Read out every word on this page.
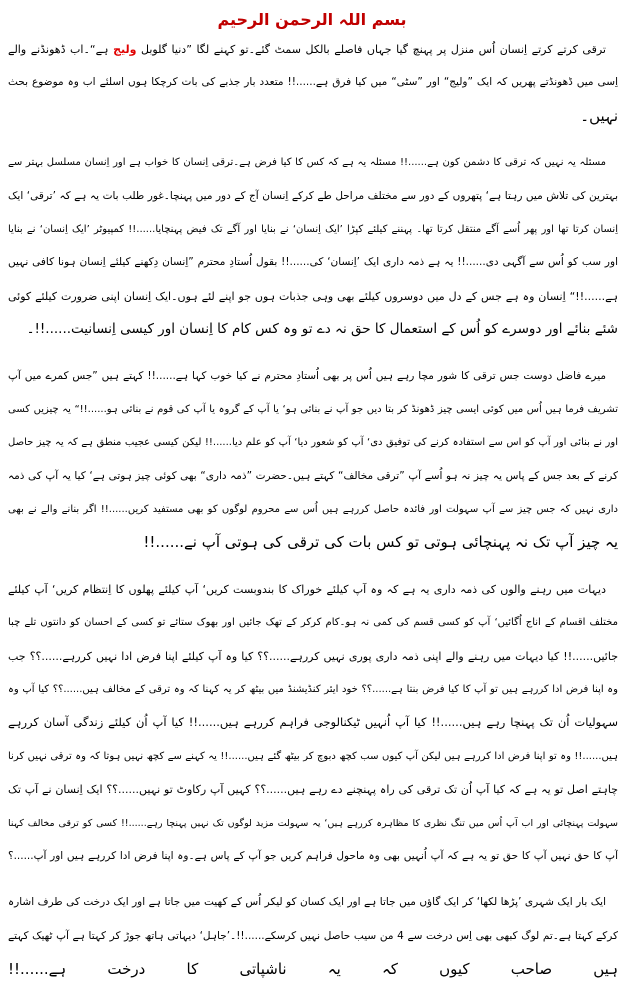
بسم اللہ الرحمن الرحیم
ترقی کرتے کرتے اِنسان اُس منزل پر پہنچ گیا جہاں فاصلے بالکل سمٹ گئے۔تو کہنے لگا ”دنیا گلوبل ولیج ہے“۔اب ڈھونڈنے والے
اِسی میں ڈھونڈتے پھریں کہ ایک ”ولیج“ اور ”سٹی“ میں کیا فرق ہے......!! متعدد بار جذبے کی بات کرچکا ہوں اسلئے اب وہ موضوع بحث
نہیں۔
مسئلہ یہ نہیں کہ ترقی کا دشمن کون ہے......!! مسئلہ یہ ہے کہ کس کا کیا فرض ہے۔ترقی اِنسان کا خواب ہے اور اِنسان مسلسل بہتر سے
بہترین کی تلاش میں رہتا ہے‘ پتھروں کے دور سے مختلف مراحل طے کرکے اِنسان آج کے دور میں پہنچا۔غور طلب بات یہ ہے کہ ’ترقی‘ ایک
اِنسان کرتا تھا اور پھر اُسے آگے منتقل کرتا تھا۔ پہننے کیلئے کپڑا ’ایک اِنسان‘ نے بنایا اور آگے تک فیض پہنچایا......!! کمپیوٹر ’ایک اِنسان‘ نے بنایا
اور سب کو اُس سے آگہی دی......!! یہ ہے ذمہ داری ایک ’اِنسان‘ کی......!! بقول اُستادِ محترم ”اِنسان دِکھنے کیلئے اِنسان ہونا کافی نہیں
ہے......!!“ اِنسان وہ ہے جس کے دل میں دوسروں کیلئے بھی وہی جذبات ہوں جو اپنے لئے ہوں۔ایک اِنسان اپنی ضرورت کیلئے کوئی
شئے بنائے اور دوسرے کو اُس کے استعمال کا حق نہ دے تو وہ کس کام کا اِنسان اور کیسی اِنسانیت......!!۔
میرے فاضل دوست جس ترقی کا شور مچا رہے ہیں اُس پر بھی اُستادِ محترم نے کیا خوب کہا ہے......!! کہتے ہیں ”جس کمرے میں آپ
تشریف فرما ہیں اُس میں کوئی ایسی چیز ڈھونڈ کر بتا دیں جو آپ نے بنائی ہو‘ یا آپ کے گروہ یا آپ کی قوم نے بنائی ہو......!!“ یہ چیزیں کسی
اور نے بنائی اور آپ کو اس سے استفادہ کرنے کی توفیق دی‘ آپ کو شعور دیا‘ آپ کو علم دیا......!! لیکن کیسی عجیب منطق ہے کہ یہ چیز حاصل
کرنے کے بعد جس کے پاس یہ چیز نہ ہو اُسے آپ ”ترقی مخالف“ کہتے ہیں۔حضرت ”ذمہ داری“ بھی کوئی چیز ہوتی ہے‘ کیا یہ آپ کی ذمہ
داری نہیں کہ جس چیز سے آپ سہولت اور فائدہ حاصل کررہے ہیں اُس سے محروم لوگوں کو بھی مستفید کریں......!! اگر بنانے والے نے بھی
یہ چیز آپ تک نہ پہنچائی ہوتی تو کس بات کی ترقی کی ہوتی آپ نے......!!
دیہات میں رہنے والوں کی ذمہ داری یہ ہے کہ وہ آپ کیلئے خوراک کا بندوبست کریں‘ آپ کیلئے پھلوں کا اِنتظام کریں‘ آپ کیلئے
مختلف اقسام کے اناج اُگائیں‘ آپ کو کسی قسم کی کمی نہ ہو۔کام کرکر کے تھک جائیں اور بھوک ستائے تو کسی کے احسان کو دانتوں تلے چبا
جائیں......!! کیا دیہات میں رہنے والے اپنی ذمہ داری پوری نہیں کررہے......؟؟ کیا وہ آپ کیلئے اپنا فرض ادا نہیں کررہے......؟؟ جب
وہ اپنا فرض ادا کررہے ہیں تو آپ کا کیا فرض بنتا ہے......؟؟ خود ایئر کنڈیشنڈ میں بیٹھ کر یہ کہنا کہ وہ ترقی کے مخالف ہیں......؟؟ کیا آپ وہ
سہولیات اُن تک پہنچا رہے ہیں......!! کیا آپ اُنہیں ٹیکنالوجی فراہم کررہے ہیں......!! کیا آپ اُن کیلئے زندگی آسان کررہے
ہیں......!! وہ تو اپنا فرض ادا کررہے ہیں لیکن آپ کیوں سب کچھ دبوچ کر بیٹھ گئے ہیں......!! یہ کہنے سے کچھ نہیں ہوتا کہ وہ ترقی نہیں کرنا
چاہتے اصل تو یہ ہے کہ کیا آپ اُن تک ترقی کی راہ پہنچنے دے رہے ہیں......؟؟ کہیں آپ رکاوٹ تو نہیں......؟؟ ایک اِنسان نے آپ تک
سہولت پہنچائی اور اب آپ اُس میں تنگ نظری کا مظاہرہ کررہے ہیں‘ یہ سہولت مزید لوگوں تک نہیں پہنچا رہے......!! کسی کو ترقی مخالف کہنا
آپ کا حق نہیں آپ کا حق تو یہ ہے کہ آپ اُنہیں بھی وہ ماحول فراہم کریں جو آپ کے پاس ہے۔وہ اپنا فرض ادا کررہے ہیں اور آپ......؟
ایک بار ایک شہری ’پڑھا لکھا‘ کر ایک گاؤں میں جاتا ہے اور ایک کسان کو لیکر اُس کے کھیت میں جاتا ہے اور ایک درخت کی طرف اشارہ
کرکے کہتا ہے۔تم لوگ کبھی بھی اِس درخت سے 4 من سیب حاصل نہیں کرسکے......!!۔’جاہل‘ دیہاتی ہاتھ جوڑ کر کہتا ہے آپ ٹھیک کہتے
ہیں صاحب کیوں کہ یہ ناشپاتی کا درخت ہے......!!
